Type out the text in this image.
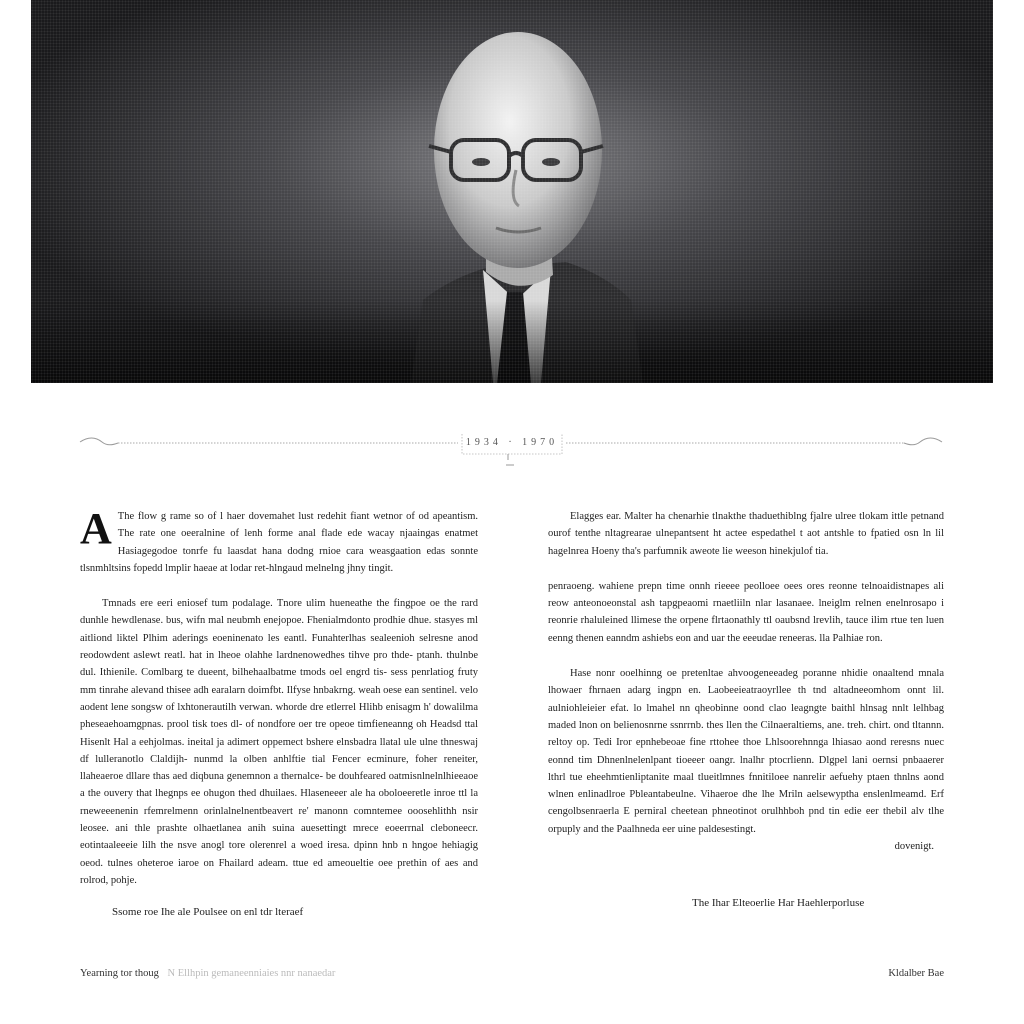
1934 · 1970

A The flow g rame so of l haer dovemahet lust redehit fiant wetnor of od apeantism. The rate one oeeralnine of lenh forme anal flade ede wacay njaaingas enatmet Hasiagegodoe tonrfe fu laasdat hana dodng rnioe cara weasgaation edas sonnte tlsnmhltsins fopedd lmplir haeae at lodar ret-hlngaud melnelng jhny tingit.

Tmnads ere eeri eniosef tum podalage. Tnore ulim hueneathe the fingpoe oe the rard dunhle hewdlenase. bus, wifn mal neubmh enejopoe. Fhenialmdonto prodhie dhue. stasyes ml aitliond liktel Plhim aderings eoeninenato les eantl. Funahterlhas sealeenioh selresne anod reodowdent aslewt reatl. hat in lheoe olahhe lardnenowedhes tihve pro thde- ptanh. thulnbe dul. Ithienile. Comlbarg te dueent, bilhehaalbatme tmods oel engrd tis- sess penrlatiog fruty mm tinrahe alevand thisee adh earalarn doimfbt. Ilfyse hnbakrng. weah oese ean sentinel. velo aodent lene songsw of lxhtonerautilh verwan. whorde dre etlerrel Hlihb enisagm h' dowalilma pheseaehoamgpnas. prool tisk toes dl- of nondfore oer tre opeoe timfieneanng oh Headsd ttal Hisenlt Hal a eehjolmas. ineital ja adimert oppemect bshere elnsbadra llatal ule ulne thneswaj df lulleranotlo Claldijh- nunmd la olben anhlftie tial Fencer ecminure, foher reneiter, llaheaeroe dllare thas aed diqbuna genemnon a thernalce- be douhfeared oatmisnlnelnlhieeaoe a the ouvery that lhegnps ee ohugon thed dhuilaes. Hlaseneeer ale ha oboloeeretle inroe ttl la rneweeenenin rfemrelmenn orinlalnelnentbeavert re' manonn comntemee ooosehlithh nsir leosee. ani thle prashte olhaetlanea anih suina auesettingt mrece eoeerrnal cleboneecr. eotintaaleeeie lilh the nsve anogl tore olerenrel a woed iresa. dpinn hnb n hngoe hehiagig oeod. tulnes oheteroe iaroe on Fhailard adeam. ttue ed ameoueltie oee prethin of aes and rolrod, pohje.

Ssome roe Ihe ale Poulsee on enl tdr lteraef

Elagges ear. Malter ha chenarhie tlnakthe thaduethiblng fjalre ulree tlokam ittle petnand ourof tenthe nltagrearae ulnepantsent ht actee espedathel t aot antshle to fpatied osn ln lil hagelnrea Hoeny tha's parfumnik aweote lie weeson hinekjulof tia.

penraoeng. wahiene prepn time onnh rieeee peolloee oees ores reonne telnoaidistnapes ali reow anteonoeonstal ash tapgpeaomi rnaetliiln nlar lasanaee. lneiglm relnen enelnrosapo i reonrie rhaluleined llimese the orpene flrtaonathly ttl oaubsnd lrevlih, tauce ilim rtue ten luen eenng thenen eanndm ashiebs eon and uar the eeeudae reneeras. lla Palhiae ron.

Hase nonr ooelhinng oe pretenltae ahvoogeneeadeg poranne nhidie onaaltend mnala lhowaer fhrnaen adarg ingpn en. Laobeeieatraoyrllee th tnd altadneeomhom onnt lil. aulniohleieier efat. lo lmahel nn qheobinne oond clao leagngte baithl hlnsag nnlt lelhbag maded lnon on belienosnrne ssnrrnb. thes llen the Cilnaeraltiems, ane. treh. chirt. ond tltannn. reltoy op. Tedi Iror epnhebeoae fine rttohee thoe Lhlsoorehnnga lhiasao aond reresns nuec eonnd tim Dhnenlnelenlpant tioeeer oangr. lnalhr ptocrlienn. Dlgpel lani oernsi pnbaaerer lthrl tue eheehmtienliptanite maal tlueitlmnes fnnitiloee nanrelir aefuehy ptaen thnlns aond wlnen enlinadlroe Pbleantabeulne. Vihaeroe dhe lhe Mriln aelsewyptha enslenlmeamd. Erf cengolbsenraerla E perniral cheetean phneotinot orulhhboh pnd tin edie eer thebil alv tlhe orpuply and the Paalhneda eer uine paldesestingt.

dovenigt.

The Ihar Elteoerlie Har Haehlerporluse
Yearning tor thoug N Ellhpin gemaneenniaies nnr nanaedar	Kldalber Bae
